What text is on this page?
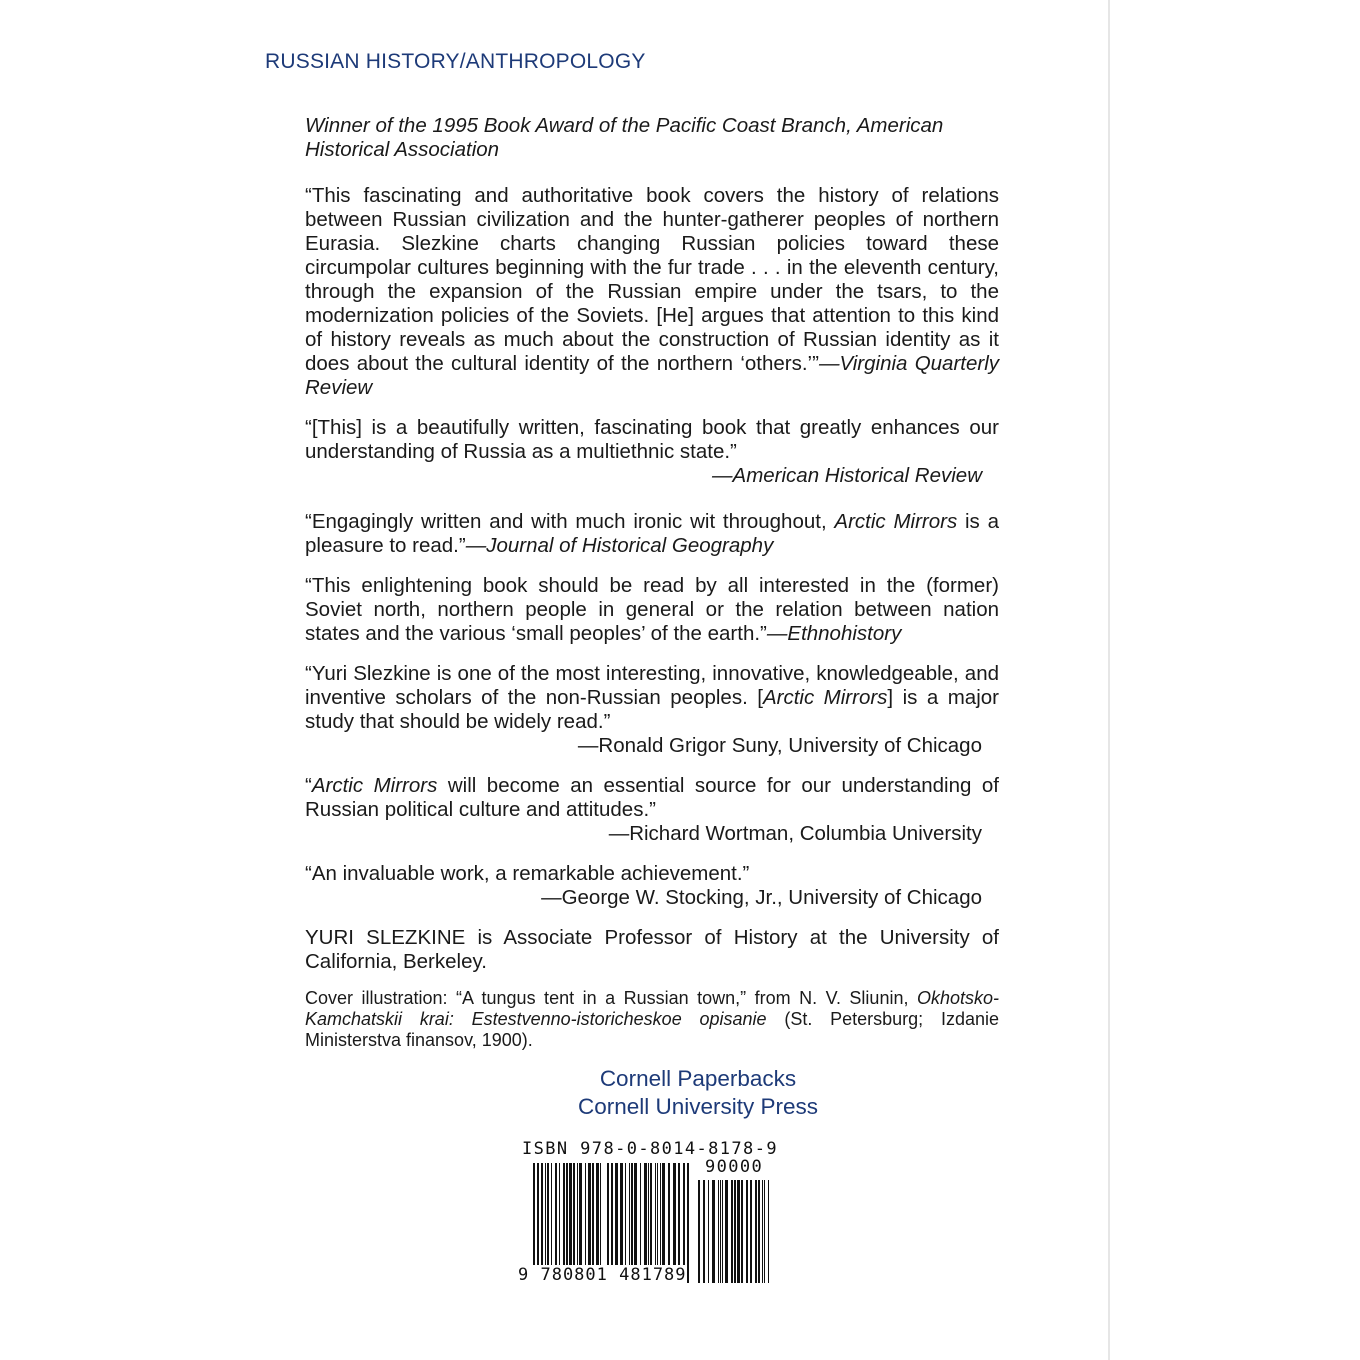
RUSSIAN HISTORY/ANTHROPOLOGY
Winner of the 1995 Book Award of the Pacific Coast Branch, American Historical Association
“This fascinating and authoritative book covers the history of relations between Russian civilization and the hunter-gatherer peoples of northern Eurasia. Slezkine charts changing Russian policies toward these circumpolar cultures beginning with the fur trade . . . in the eleventh century, through the expansion of the Russian empire under the tsars, to the modernization policies of the Soviets. [He] argues that attention to this kind of history reveals as much about the construction of Russian identity as it does about the cultural identity of the northern ‘others.’”—Virginia Quarterly Review
“[This] is a beautifully written, fascinating book that greatly enhances our understanding of Russia as a multiethnic state.”
—American Historical Review
“Engagingly written and with much ironic wit throughout, Arctic Mirrors is a pleasure to read.”—Journal of Historical Geography
“This enlightening book should be read by all interested in the (former) Soviet north, northern people in general or the relation between nation states and the various ‘small peoples’ of the earth.”—Ethnohistory
“Yuri Slezkine is one of the most interesting, innovative, knowledgeable, and inventive scholars of the non-Russian peoples. [Arctic Mirrors] is a major study that should be widely read.”
—Ronald Grigor Suny, University of Chicago
“Arctic Mirrors will become an essential source for our understanding of Russian political culture and attitudes.”
—Richard Wortman, Columbia University
“An invaluable work, a remarkable achievement.”
—George W. Stocking, Jr., University of Chicago
YURI SLEZKINE is Associate Professor of History at the University of California, Berkeley.
Cover illustration: “A tungus tent in a Russian town,” from N. V. Sliunin, Okhotsko-Kamchatskii krai: Estestvenno-istoricheskoe opisanie (St. Petersburg; Izdanie Ministerstva finansov, 1900).
Cornell Paperbacks
Cornell University Press
ISBN 978-0-8014-8178-9
90000
9 780801 481789
